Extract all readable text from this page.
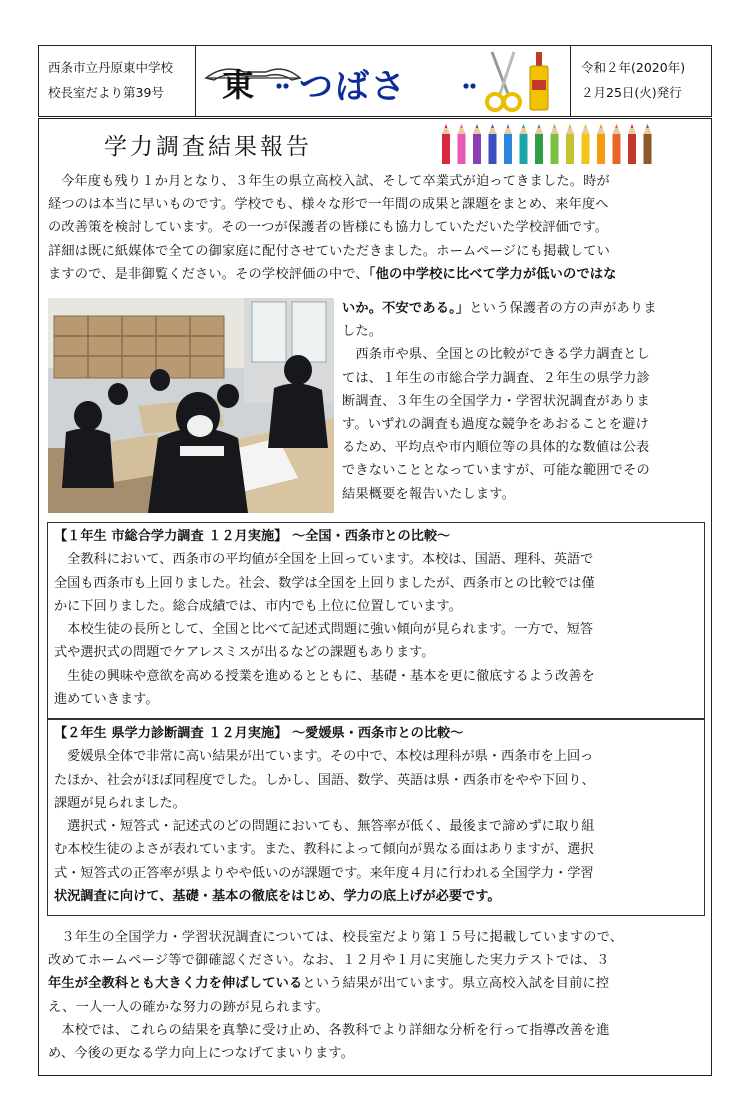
西条市立丹原東中学校
校長室だより第39号	東 つばさ	令和２年(2020年)
２月25日(火)発行
学力調査結果報告
今年度も残り１か月となり、３年生の県立高校入試、そして卒業式が迫ってきました。時が
経つのは本当に早いものです。学校でも、様々な形で一年間の成果と課題をまとめ、来年度へ
の改善策を検討しています。その一つが保護者の皆様にも協力していただいた学校評価です。
詳細は既に紙媒体で全ての御家庭に配付させていただきました。ホームページにも掲載してい
ますので、是非御覧ください。その学校評価の中で、「他の中学校に比べて学力が低いのではな
いか。不安である。」という保護者の方の声がありま
した。
　西条市や県、全国との比較ができる学力調査とし
ては、１年生の市総合学力調査、２年生の県学力診
断調査、３年生の全国学力・学習状況調査がありま
す。いずれの調査も過度な競争をあおることを避け
るため、平均点や市内順位等の具体的な数値は公表
できないこととなっていますが、可能な範囲でその
結果概要を報告いたします。
【１年生 市総合学力調査 １２月実施】 ～全国・西条市との比較～
　全教科において、西条市の平均値が全国を上回っています。本校は、国語、理科、英語で
全国も西条市も上回りました。社会、数学は全国を上回りましたが、西条市との比較では僅
かに下回りました。総合成績では、市内でも上位に位置しています。
　本校生徒の長所として、全国と比べて記述式問題に強い傾向が見られます。一方で、短答
式や選択式の問題でケアレスミスが出るなどの課題もあります。
　生徒の興味や意欲を高める授業を進めるとともに、基礎・基本を更に徹底するよう改善を
進めていきます。
【２年生 県学力診断調査 １２月実施】 ～愛媛県・西条市との比較～
　愛媛県全体で非常に高い結果が出ています。その中で、本校は理科が県・西条市を上回っ
たほか、社会がほぼ同程度でした。しかし、国語、数学、英語は県・西条市をやや下回り、
課題が見られました。
　選択式・短答式・記述式のどの問題においても、無答率が低く、最後まで諦めずに取り組
む本校生徒のよさが表れています。また、教科によって傾向が異なる面はありますが、選択
式・短答式の正答率が県よりやや低いのが課題です。来年度４月に行われる全国学力・学習
状況調査に向けて、基礎・基本の徹底をはじめ、学力の底上げが必要です。
　３年生の全国学力・学習状況調査については、校長室だより第１５号に掲載していますので、
改めてホームページ等で御確認ください。なお、１２月や１月に実施した実力テストでは、３
年生が全教科とも大きく力を伸ばしているという結果が出ています。県立高校入試を目前に控
え、一人一人の確かな努力の跡が見られます。
　本校では、これらの結果を真摯に受け止め、各教科でより詳細な分析を行って指導改善を進
め、今後の更なる学力向上につなげてまいります。
